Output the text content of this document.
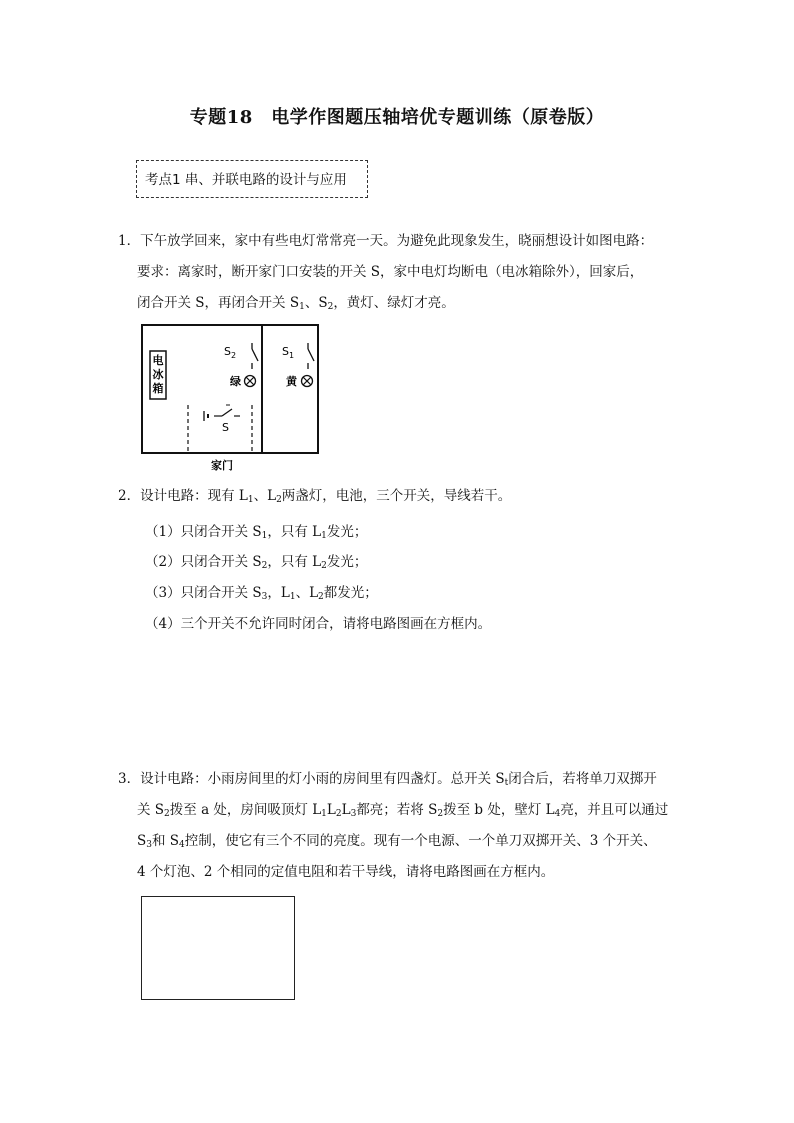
专题18　电学作图题压轴培优专题训练（原卷版）
考点1 串、并联电路的设计与应用
1．下午放学回来，家中有些电灯常常亮一天。为避免此现象发生，晓丽想设计如图电路：
要求：离家时，断开家门口安装的开关 S，家中电灯均断电（电冰箱除外），回家后，
闭合开关 S，再闭合开关 $S_1$、$S_2$，黄灯、绿灯才亮。
电
冰
箱
$S_2$
绿
$S_1$
黄
S
家门
2．设计电路：现有 $L_1$、$L_2$两盏灯，电池，三个开关，导线若干。
（1）只闭合开关 $S_1$，只有 $L_1$发光；
（2）只闭合开关 $S_2$，只有 $L_2$发光；
（3）只闭合开关 $S_3$，$L_1$、$L_2$都发光；
（4）三个开关不允许同时闭合，请将电路图画在方框内。
3．设计电路：小雨房间里的灯小雨的房间里有四盏灯。总开关 $S_t$闭合后，若将单刀双掷开
关 $S_2$拨至 a 处，房间吸顶灯 $L_1L_2L_3$都亮；若将 $S_2$拨至 b 处，壁灯 $L_4$亮，并且可以通过
$S_3$和 $S_4$控制，使它有三个不同的亮度。现有一个电源、一个单刀双掷开关、3 个开关、
4 个灯泡、2 个相同的定值电阻和若干导线，请将电路图画在方框内。
